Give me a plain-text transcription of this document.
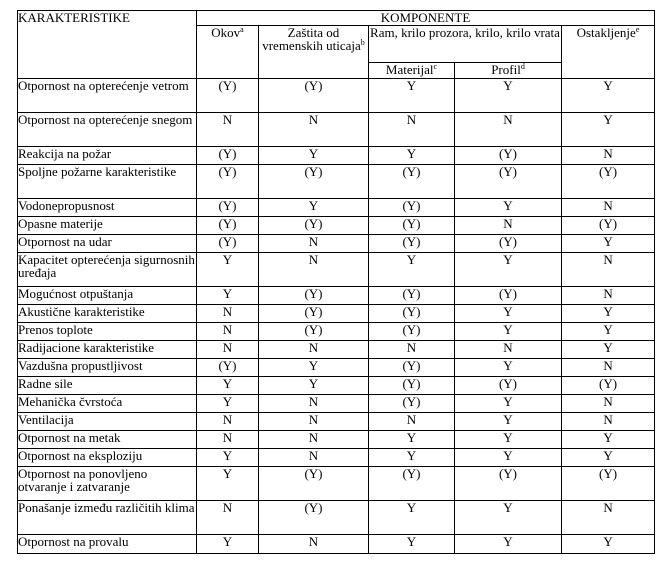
KARAKTERISTIKE	KOMPONENTE				
	Okov$^a$	Zaštita od vremenskih uticaja$^b$	Ram, krilo prozora, krilo, krilo vrata		Ostakljenje$^e$
			Materijal$^c$	Profil$^d$
Otpornost na opterećenje vetrom	(Y)	(Y)	Y	Y	Y
Otpornost na opterećenje snegom	N	N	N	N	Y
Reakcija na požar	(Y)	Y	Y	(Y)	N
Spoljne požarne karakteristike	(Y)	(Y)	(Y)	(Y)	(Y)
Vodonepropusnost	(Y)	Y	(Y)	Y	N
Opasne materije	(Y)	(Y)	(Y)	N	(Y)
Otpornost na udar	(Y)	N	(Y)	(Y)	Y
Kapacitet opterećenja sigurnosnih uređaja	Y	N	Y	Y	N
Mogućnost otpuštanja	Y	(Y)	(Y)	(Y)	N
Akustične karakteristike	N	(Y)	(Y)	Y	Y
Prenos toplote	N	(Y)	(Y)	Y	Y
Radijacione karakteristike	N	N	N	N	Y
Vazdušna propustljivost	(Y)	Y	(Y)	Y	N
Radne sile	Y	Y	(Y)	(Y)	(Y)
Mehanička čvrstoća	Y	N	(Y)	Y	N
Ventilacija	N	N	N	Y	N
Otpornost na metak	N	N	Y	Y	Y
Otpornost na eksploziju	Y	N	Y	Y	Y
Otpornost na ponovljeno otvaranje i zatvaranje	Y	(Y)	(Y)	(Y)	(Y)
Ponašanje između različitih klima	N	(Y)	Y	Y	N
Otpornost na provalu	Y	N	Y	Y	Y
